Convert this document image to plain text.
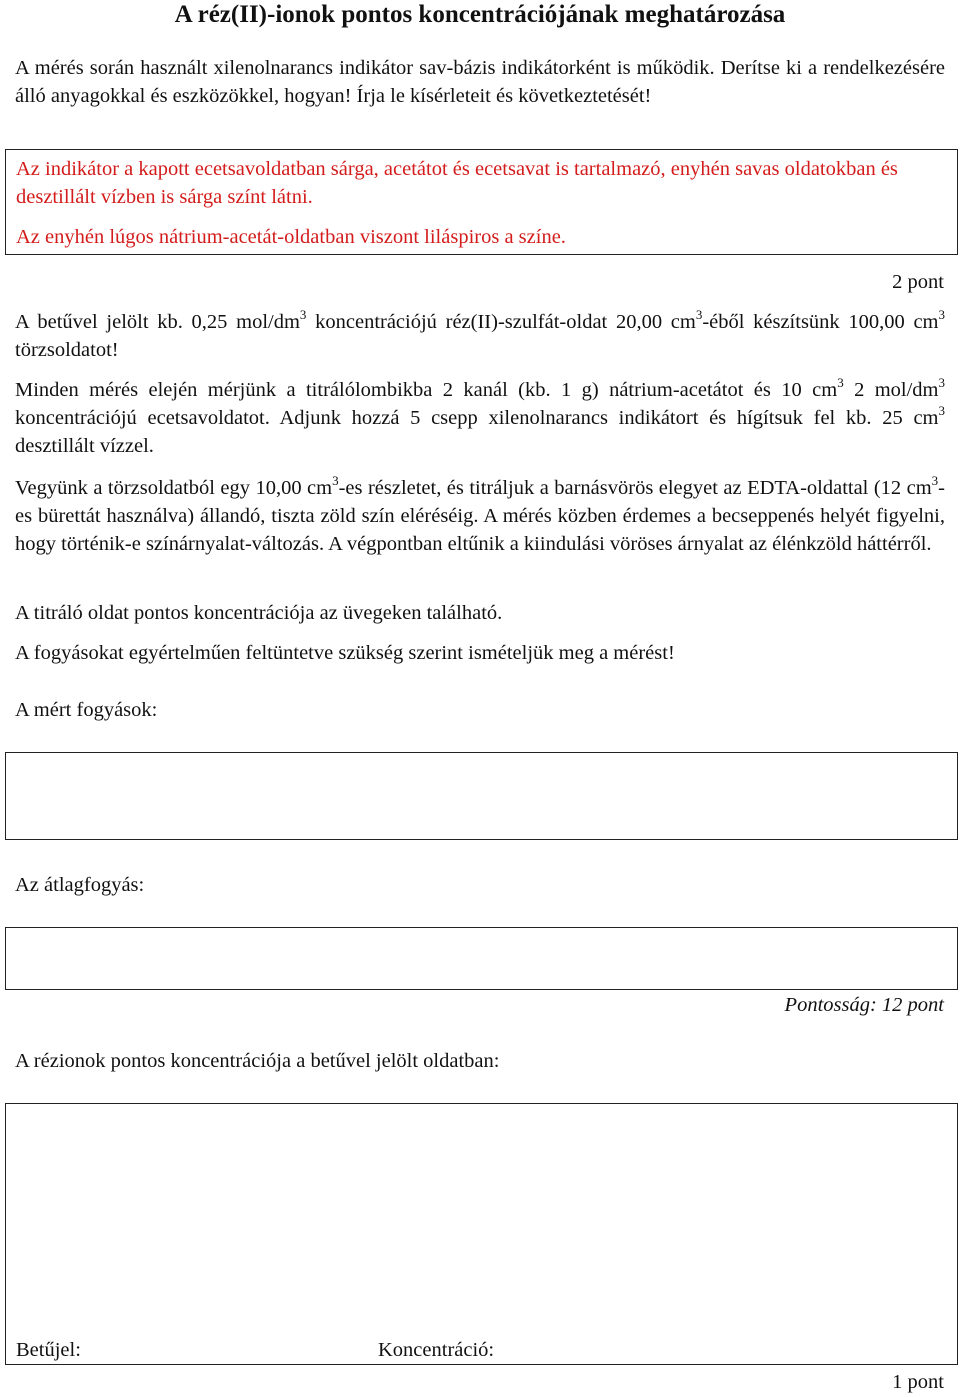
A réz(II)-ionok pontos koncentrációjának meghatározása
A mérés során használt xilenolnarancs indikátor sav-bázis indikátorként is működik. Derítse ki a rendelkezésére álló anyagokkal és eszközökkel, hogyan! Írja le kísérleteit és következtetését!
Az indikátor a kapott ecetsavoldatban sárga, acetátot és ecetsavat is tartalmazó, enyhén savas oldatokban és desztillált vízben is sárga színt látni.
Az enyhén lúgos nátrium-acetát-oldatban viszont liláspiros a színe.
2 pont
A betűvel jelölt kb. 0,25 mol/$dm^3$ koncentrációjú réz(II)-szulfát-oldat 20,00 $cm^3$-éből készítsünk 100,00 $cm^3$ törzsoldatot!
Minden mérés elején mérjünk a titrálólombikba 2 kanál (kb. 1 g) nátrium-acetátot és 10 $cm^3$ 2 mol/$dm^3$ koncentrációjú ecetsavoldatot. Adjunk hozzá 5 csepp xilenolnarancs indikátort és hígítsuk fel kb. 25 $cm^3$ desztillált vízzel.
Vegyünk a törzsoldatból egy 10,00 $cm^3-es$ részletet, és titráljuk a barnásvörös elegyet az EDTA-oldattal (12 $cm^3-es$ bürettát használva) állandó, tiszta zöld szín eléréséig. A mérés közben érdemes a becseppenés helyét figyelni, hogy történik-e színárnyalat-változás. A végpontban eltűnik a kiindulási vöröses árnyalat az élénkzöld háttérről.
A titráló oldat pontos koncentrációja az üvegeken található.
A fogyásokat egyértelműen feltüntetve szükség szerint ismételjük meg a mérést!
A mért fogyások:
Az átlagfogyás:
Pontosság: 12 pont
A rézionok pontos koncentrációja a betűvel jelölt oldatban:
Betűjel:	Koncentráció:
1 pont
